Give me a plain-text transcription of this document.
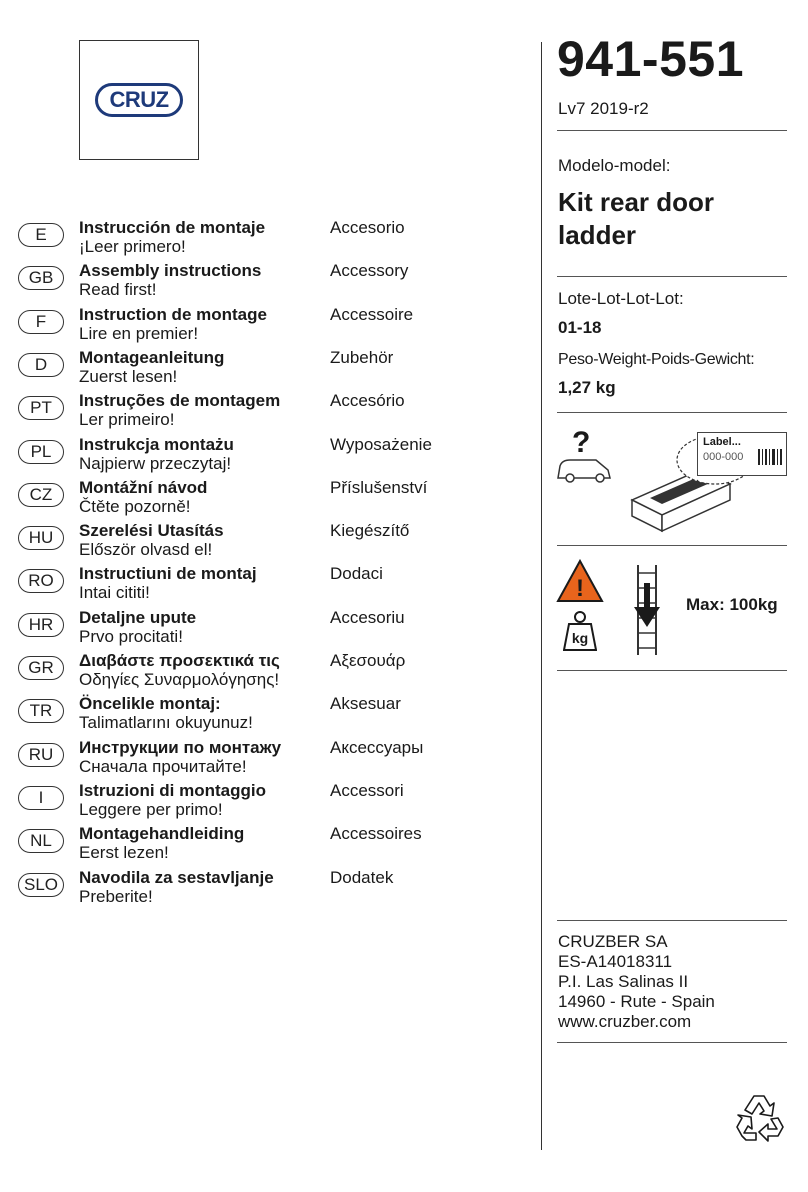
CRUZ
E	Instrucción de montaje
¡Leer primero!
Accesorio
GB	Assembly instructions
Read first!
Accessory
F	Instruction de montage
Lire en premier!
Accessoire
D	Montageanleitung
Zuerst lesen!
Zubehör
PT	Instruções de montagem
Ler primeiro!
Accesório
PL	Instrukcja montażu
Najpierw przeczytaj!
Wyposażenie
CZ	Montážní návod
Čtěte pozorně!
Příslušenství
HU	Szerelési Utasítás
Először olvasd el!
Kiegészítő
RO	Instructiuni de montaj
Intai cititi!
Dodaci
HR	Detaljne upute
Prvo procitati!
Accesoriu
GR	Διαβάστε προσεκτικά τις
Οδηγίες Συναρμολόγησης!
Αξεσουάρ
TR	Öncelikle montaj:
Talimatlarını okuyunuz!
Aksesuar
RU	Инструкции по монтажу
Сначала прочитайте!
Аксессуары
I	Istruzioni di montaggio
Leggere per primo!
Accessori
NL	Montagehandleiding
Eerst lezen!
Accessoires
SLO	Navodila za sestavljanje
Preberite!
Dodatek
941-551
Lv7 2019-r2
Modelo-model:
Kit rear door ladder
Lote-Lot-Lot-Lot:
01-18
Peso-Weight-Poids-Gewicht:
1,27 kg
?	Label...
000-000
!
kg
Max: 100kg
CRUZBER SA
ES-A14018311
P.I. Las Salinas II
14960 - Rute - Spain
www.cruzber.com
